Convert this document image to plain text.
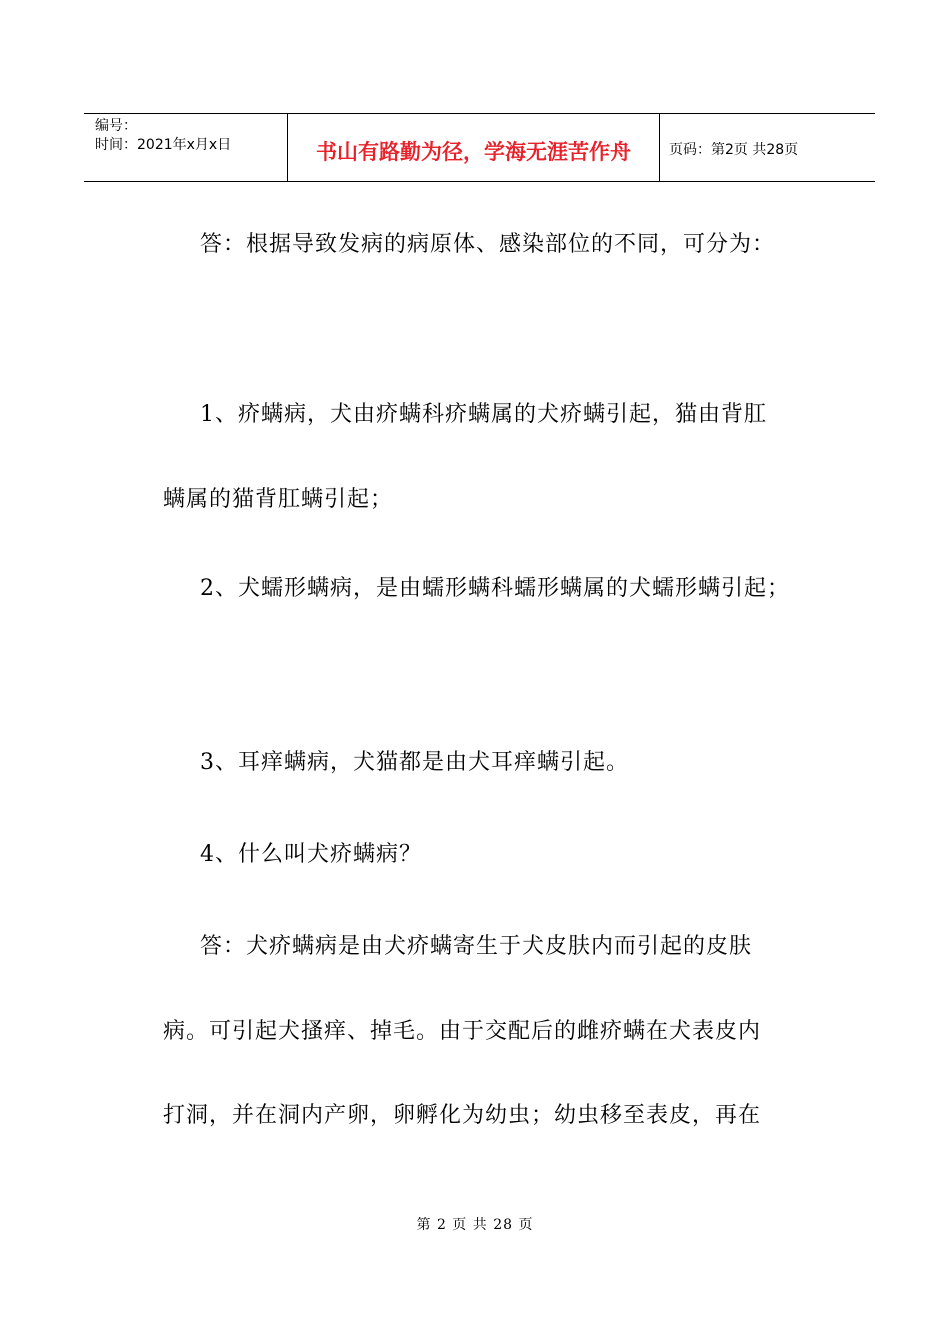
编号：
时间：2021年x月x日	书山有路勤为径，学海无涯苦作舟	页码：第2页 共28页
答：根据导致发病的病原体、感染部位的不同，可分为：
1、疥螨病，犬由疥螨科疥螨属的犬疥螨引起，猫由背肛
螨属的猫背肛螨引起；
2、犬蠕形螨病，是由蠕形螨科蠕形螨属的犬蠕形螨引起；
3、耳痒螨病，犬猫都是由犬耳痒螨引起。
4、什么叫犬疥螨病？
答：犬疥螨病是由犬疥螨寄生于犬皮肤内而引起的皮肤
病。可引起犬搔痒、掉毛。由于交配后的雌疥螨在犬表皮内
打洞，并在洞内产卵，卵孵化为幼虫；幼虫移至表皮，再在
第 2 页 共 28 页
